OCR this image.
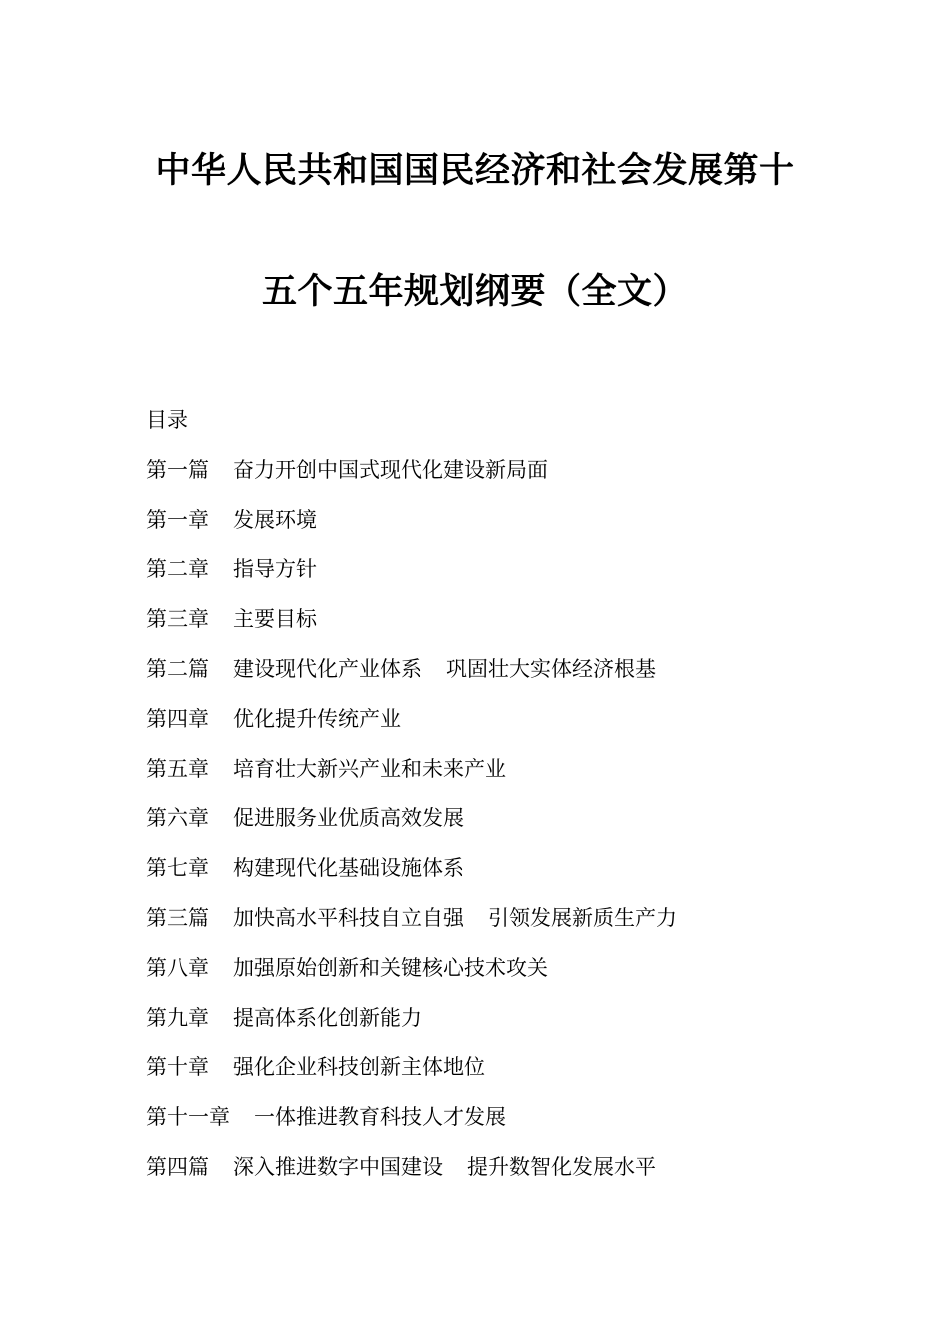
中华人民共和国国民经济和社会发展第十
五个五年规划纲要（全文）
目录
第一篇 奋力开创中国式现代化建设新局面
第一章 发展环境
第二章 指导方针
第三章 主要目标
第二篇 建设现代化产业体系 巩固壮大实体经济根基
第四章 优化提升传统产业
第五章 培育壮大新兴产业和未来产业
第六章 促进服务业优质高效发展
第七章 构建现代化基础设施体系
第三篇 加快高水平科技自立自强 引领发展新质生产力
第八章 加强原始创新和关键核心技术攻关
第九章 提高体系化创新能力
第十章 强化企业科技创新主体地位
第十一章 一体推进教育科技人才发展
第四篇 深入推进数字中国建设 提升数智化发展水平
